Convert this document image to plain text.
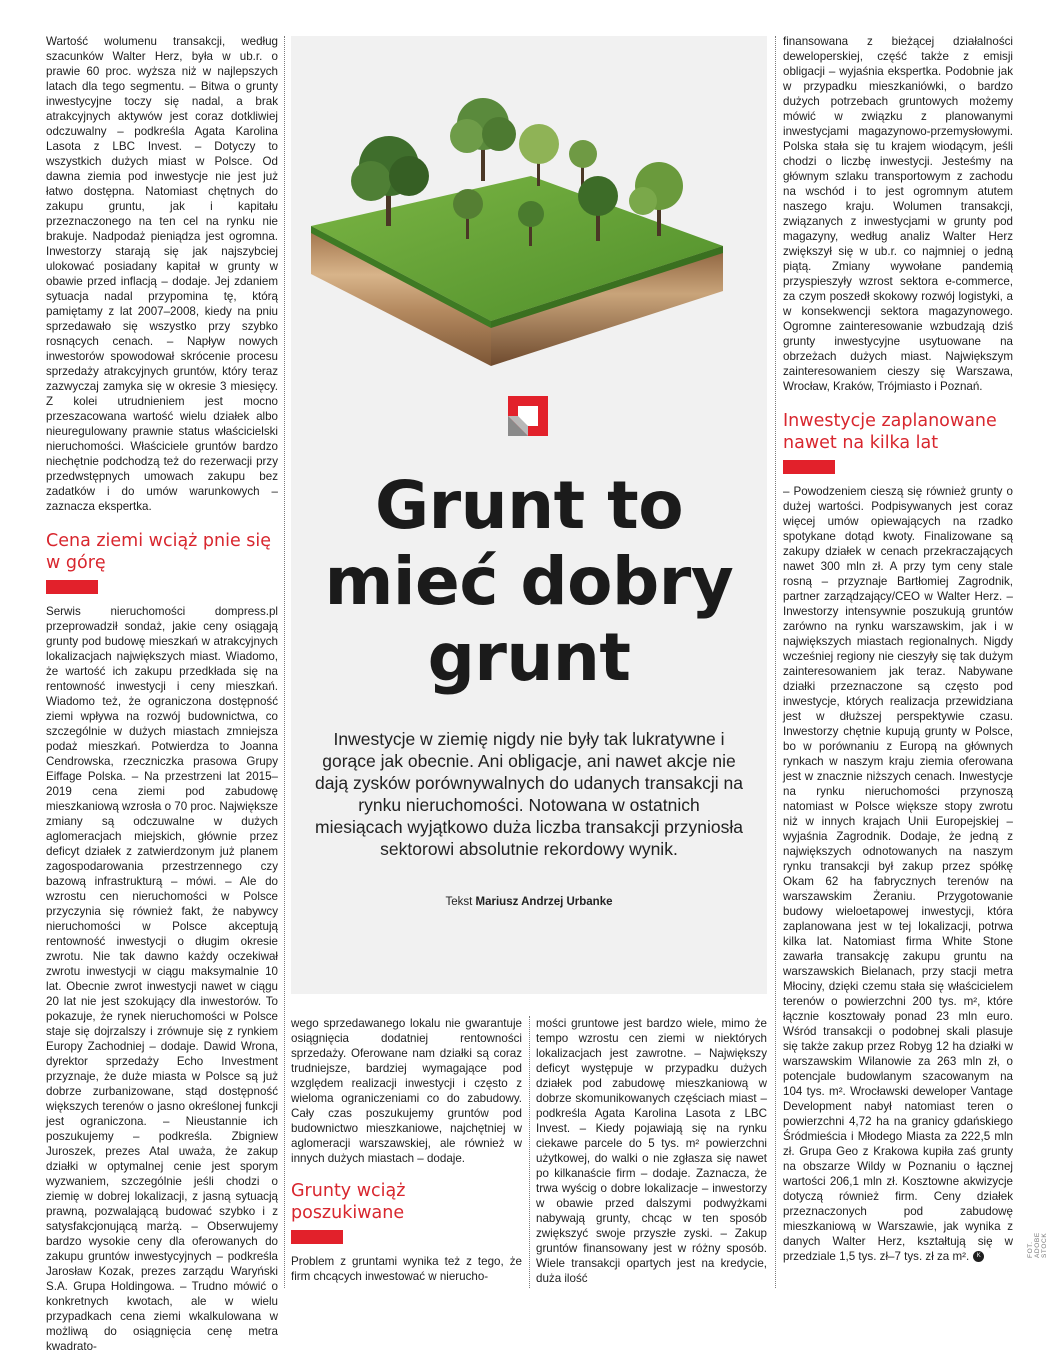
Wartość wolumenu transakcji, według szacunków Walter Herz, była w ub.r. o prawie 60 proc. wyższa niż w najlepszych latach dla tego segmentu. – Bitwa o grunty inwestycyjne toczy się nadal, a brak atrakcyjnych aktywów jest coraz dotkliwiej odczuwalny – podkreśla Agata Karolina Lasota z LBC Invest. – Dotyczy to wszystkich dużych miast w Polsce. Od dawna ziemia pod inwestycje nie jest już łatwo dostępna. Natomiast chętnych do zakupu gruntu, jak i kapitału przeznaczonego na ten cel na rynku nie brakuje. Nadpodaż pieniądza jest ogromna. Inwestorzy starają się jak najszybciej ulokować posiadany kapitał w grunty w obawie przed inflacją – dodaje. Jej zdaniem sytuacja nadal przypomina tę, którą pamiętamy z lat 2007–2008, kiedy na pniu sprzedawało się wszystko przy szybko rosnących cenach. – Napływ nowych inwestorów spowodował skrócenie procesu sprzedaży atrakcyjnych gruntów, który teraz zazwyczaj zamyka się w okresie 3 miesięcy. Z kolei utrudnieniem jest mocno przeszacowana wartość wielu działek albo nieuregulowany prawnie status właścicielski nieruchomości. Właściciele gruntów bardzo niechętnie podchodzą też do rezerwacji przy przedwstępnych umowach zakupu bez zadatków i do umów warunkowych – zaznacza ekspertka.

Cena ziemi wciąż pnie się w górę

Serwis nieruchomości dompress.pl przeprowadził sondaż, jakie ceny osiągają grunty pod budowę mieszkań w atrakcyjnych lokalizacjach największych miast. Wiadomo, że wartość ich zakupu przedkłada się na rentowność inwestycji i ceny mieszkań. Wiadomo też, że ograniczona dostępność ziemi wpływa na rozwój budownictwa, co szczególnie w dużych miastach zmniejsza podaż mieszkań. Potwierdza to Joanna Cendrowska, rzeczniczka prasowa Grupy Eiffage Polska. – Na przestrzeni lat 2015–2019 cena ziemi pod zabudowę mieszkaniową wzrosła o 70 proc. Największe zmiany są odczuwalne w dużych aglomeracjach miejskich, głównie przez deficyt działek z zatwierdzonym już planem zagospodarowania przestrzennego czy bazową infrastrukturą – mówi. – Ale do wzrostu cen nieruchomości w Polsce przyczynia się również fakt, że nabywcy nieruchomości w Polsce akceptują rentowność inwestycji o długim okresie zwrotu. Nie tak dawno każdy oczekiwał zwrotu inwestycji w ciągu maksymalnie 10 lat. Obecnie zwrot inwestycji nawet w ciągu 20 lat nie jest szokujący dla inwestorów. To pokazuje, że rynek nieruchomości w Polsce staje się dojrzalszy i zrównuje się z rynkiem Europy Zachodniej – dodaje. Dawid Wrona, dyrektor sprzedaży Echo Investment przyznaje, że duże miasta w Polsce są już dobrze zurbanizowane, stąd dostępność większych terenów o jasno określonej funkcji jest ograniczona. – Nieustannie ich poszukujemy – podkreśla. Zbigniew Juroszek, prezes Atal uważa, że zakup działki w optymalnej cenie jest sporym wyzwaniem, szczególnie jeśli chodzi o ziemię w dobrej lokalizacji, z jasną sytuacją prawną, pozwalającą budować szybko i z satysfakcjonującą marżą. – Obserwujemy bardzo wysokie ceny dla oferowanych do zakupu gruntów inwestycyjnych – podkreśla Jarosław Kozak, prezes zarządu Waryński S.A. Grupa Holdingowa. – Trudno mówić o konkretnych kwotach, ale w wielu przypadkach cena ziemi wkalkulowana w możliwą do osiągnięcia cenę metra kwadrato-

Grunt to
mieć dobry
grunt

Inwestycje w ziemię nigdy nie były tak lukratywne i gorące jak obecnie. Ani obligacje, ani nawet akcje nie dają zysków porównywalnych do udanych transakcji na rynku nieruchomości. Notowana w ostatnich miesiącach wyjątkowo duża liczba transakcji przyniosła sektorowi absolutnie rekordowy wynik.

Tekst Mariusz Andrzej Urbanke

wego sprzedawanego lokalu nie gwarantuje osiągnięcia dodatniej rentowności sprzedaży. Oferowane nam działki są coraz trudniejsze, bardziej wymagające pod względem realizacji inwestycji i często z wieloma ograniczeniami co do zabudowy. Cały czas poszukujemy gruntów pod budownictwo mieszkaniowe, najchętniej w aglomeracji warszawskiej, ale również w innych dużych miastach – dodaje.

Grunty wciąż poszukiwane

Problem z gruntami wynika też z tego, że firm chcących inwestować w nierucho-

mości gruntowe jest bardzo wiele, mimo że tempo wzrostu cen ziemi w niektórych lokalizacjach jest zawrotne. – Największy deficyt występuje w przypadku dużych działek pod zabudowę mieszkaniową w dobrze skomunikowanych częściach miast – podkreśla Agata Karolina Lasota z LBC Invest. – Kiedy pojawiają się na rynku ciekawe parcele do 5 tys. m² powierzchni użytkowej, do walki o nie zgłasza się nawet po kilkanaście firm – dodaje. Zaznacza, że trwa wyścig o dobre lokalizacje – inwestorzy w obawie przed dalszymi podwyżkami nabywają grunty, chcąc w ten sposób zwiększyć swoje przyszłe zyski. – Zakup gruntów finansowany jest w różny sposób. Wiele transakcji opartych jest na kredycie, duża ilość

finansowana z bieżącej działalności deweloperskiej, część także z emisji obligacji – wyjaśnia ekspertka. Podobnie jak w przypadku mieszkaniówki, o bardzo dużych potrzebach gruntowych możemy mówić w związku z planowanymi inwestycjami magazynowo-przemysłowymi. Polska stała się tu krajem wiodącym, jeśli chodzi o liczbę inwestycji. Jesteśmy na głównym szlaku transportowym z zachodu na wschód i to jest ogromnym atutem naszego kraju. Wolumen transakcji, związanych z inwestycjami w grunty pod magazyny, według analiz Walter Herz zwiększył się w ub.r. co najmniej o jedną piątą. Zmiany wywołane pandemią przyspieszyły wzrost sektora e-commerce, za czym poszedł skokowy rozwój logistyki, a w konsekwencji sektora magazynowego. Ogromne zainteresowanie wzbudzają dziś grunty inwestycyjne usytuowane na obrzeżach dużych miast. Największym zainteresowaniem cieszy się Warszawa, Wrocław, Kraków, Trójmiasto i Poznań.

Inwestycje zaplanowane nawet na kilka lat

– Powodzeniem cieszą się również grunty o dużej wartości. Podpisywanych jest coraz więcej umów opiewających na rzadko spotykane dotąd kwoty. Finalizowane są zakupy działek w cenach przekraczających nawet 300 mln zł. A przy tym ceny stale rosną – przyznaje Bartłomiej Zagrodnik, partner zarządzający/CEO w Walter Herz. – Inwestorzy intensywnie poszukują gruntów zarówno na rynku warszawskim, jak i w największych miastach regionalnych. Nigdy wcześniej regiony nie cieszyły się tak dużym zainteresowaniem jak teraz. Nabywane działki przeznaczone są często pod inwestycje, których realizacja przewidziana jest w dłuższej perspektywie czasu. Inwestorzy chętnie kupują grunty w Polsce, bo w porównaniu z Europą na głównych rynkach w naszym kraju ziemia oferowana jest w znacznie niższych cenach. Inwestycje na rynku nieruchomości przynoszą natomiast w Polsce większe stopy zwrotu niż w innych krajach Unii Europejskiej – wyjaśnia Zagrodnik. Dodaje, że jedną z największych odnotowanych na naszym rynku transakcji był zakup przez spółkę Okam 62 ha fabrycznych terenów na warszawskim Żeraniu. Przygotowanie budowy wieloetapowej inwestycji, która zaplanowana jest w tej lokalizacji, potrwa kilka lat. Natomiast firma White Stone zawarła transakcję zakupu gruntu na warszawskich Bielanach, przy stacji metra Młociny, dzięki czemu stała się właścicielem terenów o powierzchni 200 tys. m², które łącznie kosztowały ponad 23 mln euro. Wśród transakcji o podobnej skali plasuje się także zakup przez Robyg 12 ha działki w warszawskim Wilanowie za 263 mln zł, o potencjale budowlanym szacowanym na 104 tys. m². Wrocławski deweloper Vantage Development nabył natomiast teren o powierzchni 4,72 ha na granicy gdańskiego Śródmieścia i Młodego Miasta za 222,5 mln zł. Grupa Geo z Krakowa kupiła zaś grunty na obszarze Wildy w Poznaniu o łącznej wartości 206,1 mln zł. Kosztowne akwizycje dotyczą również firm. Ceny działek przeznaczonych pod zabudowę mieszkaniową w Warszawie, jak wynika z danych Walter Herz, kształtują się w przedziale 1,5 tys. zł–7 tys. zł za m². K	FOT. ADOBE STOCK
